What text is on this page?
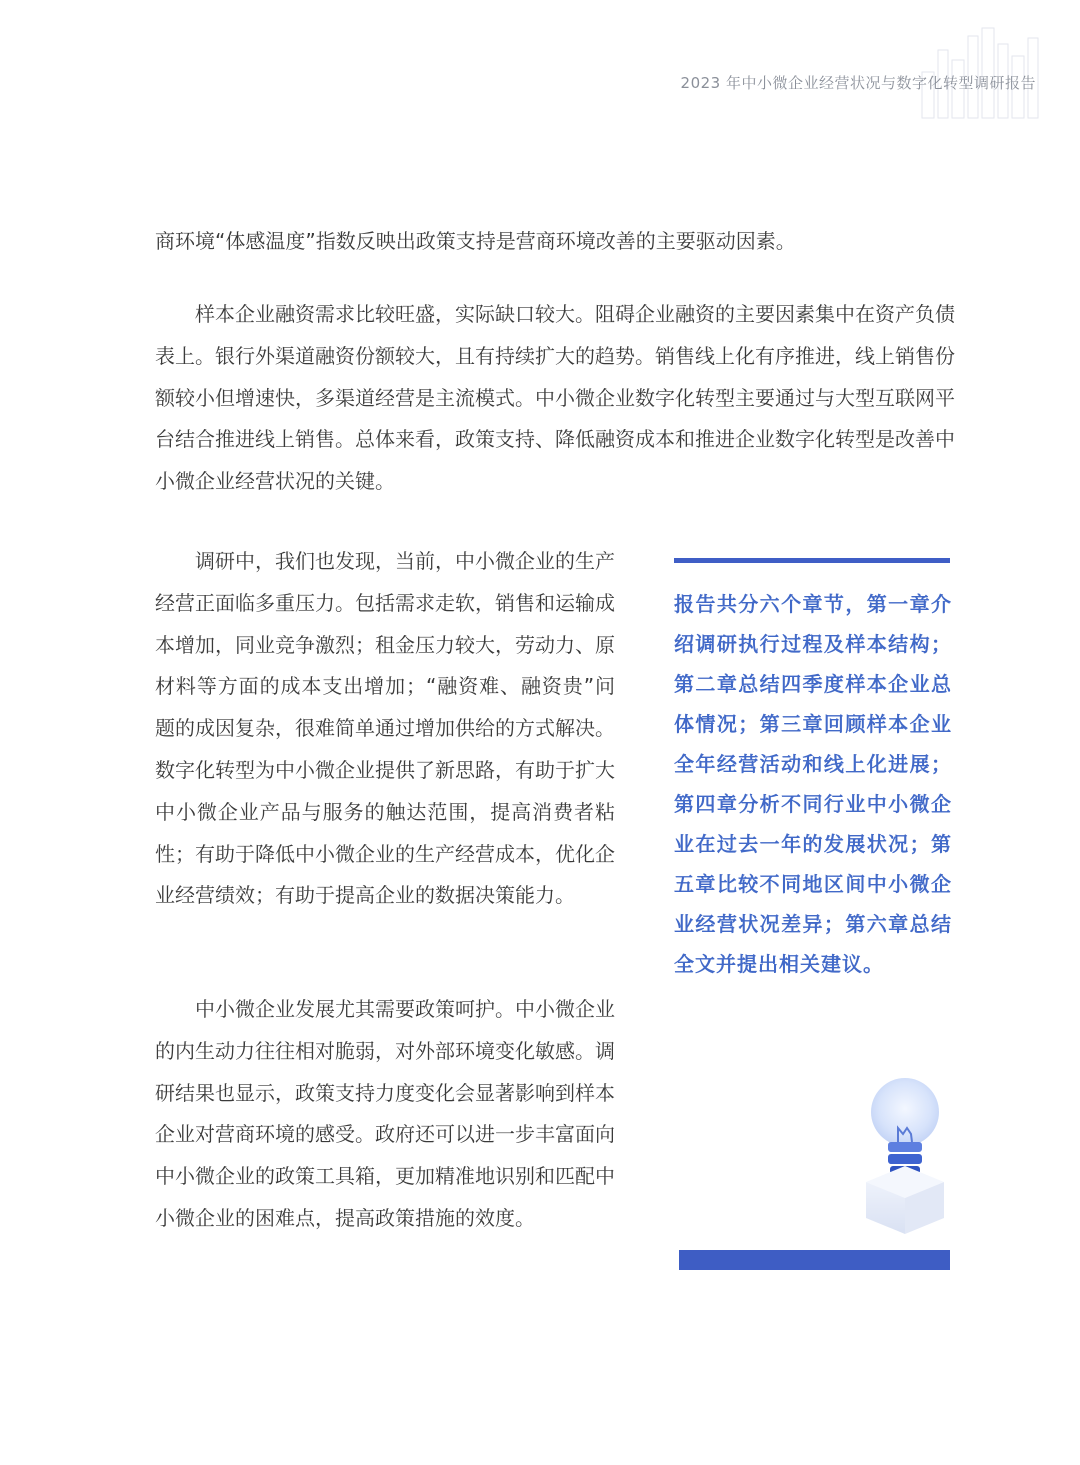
2023 年中小微企业经营状况与数字化转型调研报告

商环境“体感温度”指数反映出政策支持是营商环境改善的主要驱动因素。

样本企业融资需求比较旺盛，实际缺口较大。阻碍企业融资的主要因素集中在资产负债表上。银行外渠道融资份额较大，且有持续扩大的趋势。销售线上化有序推进，线上销售份额较小但增速快，多渠道经营是主流模式。中小微企业数字化转型主要通过与大型互联网平台结合推进线上销售。总体来看，政策支持、降低融资成本和推进企业数字化转型是改善中小微企业经营状况的关键。

调研中，我们也发现，当前，中小微企业的生产经营正面临多重压力。包括需求走软，销售和运输成本增加，同业竞争激烈；租金压力较大，劳动力、原材料等方面的成本支出增加；“融资难、融资贵”问题的成因复杂，很难简单通过增加供给的方式解决。数字化转型为中小微企业提供了新思路，有助于扩大中小微企业产品与服务的触达范围，提高消费者粘性；有助于降低中小微企业的生产经营成本，优化企业经营绩效；有助于提高企业的数据决策能力。

中小微企业发展尤其需要政策呵护。中小微企业的内生动力往往相对脆弱，对外部环境变化敏感。调研结果也显示，政策支持力度变化会显著影响到样本企业对营商环境的感受。政府还可以进一步丰富面向中小微企业的政策工具箱，更加精准地识别和匹配中小微企业的困难点，提高政策措施的效度。

报告共分六个章节，第一章介绍调研执行过程及样本结构；第二章总结四季度样本企业总体情况；第三章回顾样本企业全年经营活动和线上化进展；第四章分析不同行业中小微企业在过去一年的发展状况；第五章比较不同地区间中小微企业经营状况差异；第六章总结全文并提出相关建议。
